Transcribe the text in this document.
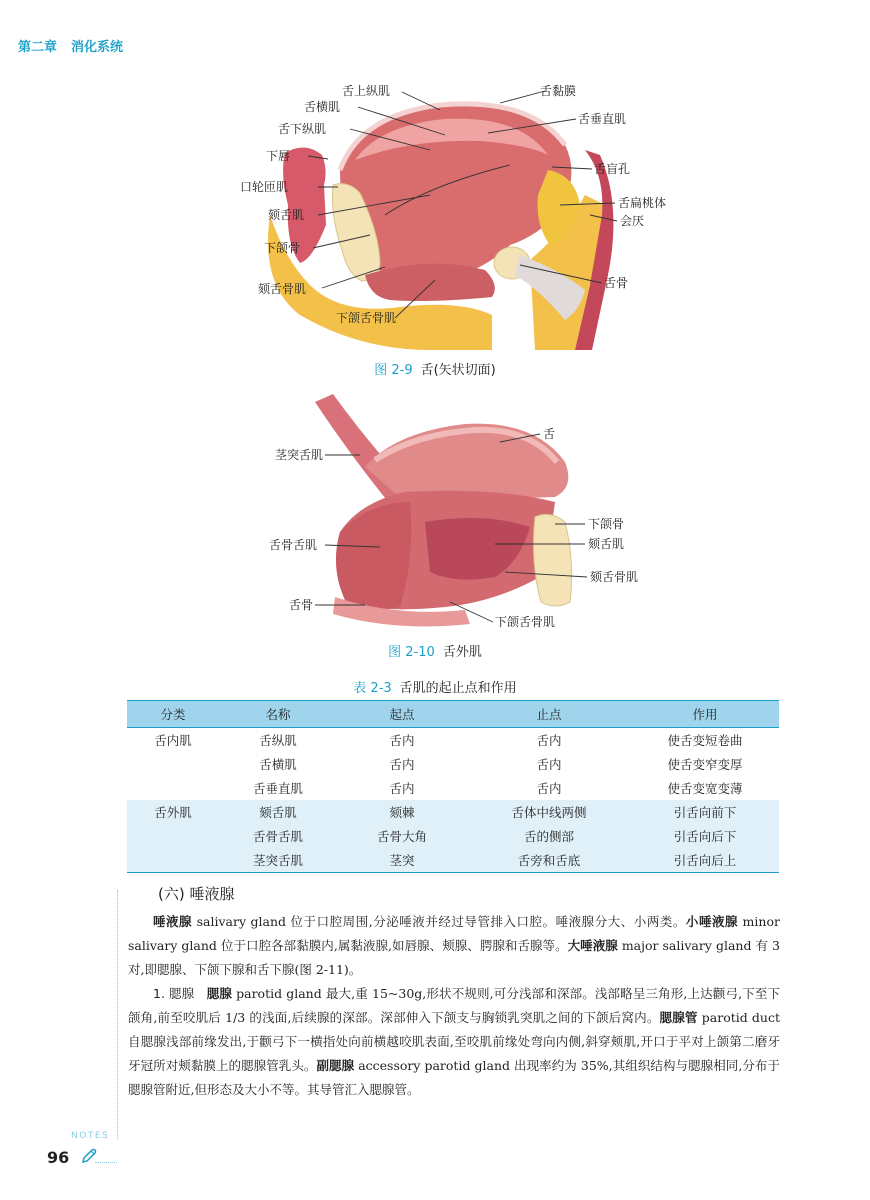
第二章 消化系统
舌上纵肌
舌横肌
舌下纵肌
下唇
口轮匝肌
颏舌肌
下颌骨
颏舌骨肌
下颌舌骨肌
舌黏膜
舌垂直肌
舌盲孔
舌扁桃体
会厌
舌骨
图 2-9 舌(矢状切面)
舌
茎突舌肌
舌骨舌肌
舌骨
下颌骨
颏舌肌
颏舌骨肌
下颌舌骨肌
图 2-10 舌外肌
表 2-3 舌肌的起止点和作用
分类	名称	起点	止点	作用
舌内肌	舌纵肌	舌内	舌内	使舌变短卷曲
	舌横肌	舌内	舌内	使舌变窄变厚
	舌垂直肌	舌内	舌内	使舌变宽变薄
舌外肌	颏舌肌	颏棘	舌体中线两侧	引舌向前下
	舌骨舌肌	舌骨大角	舌的侧部	引舌向后下
	茎突舌肌	茎突	舌旁和舌底	引舌向后上
(六) 唾液腺

唾液腺 salivary gland 位于口腔周围,分泌唾液并经过导管排入口腔。唾液腺分大、小两类。小唾液腺 minor salivary gland 位于口腔各部黏膜内,属黏液腺,如唇腺、颊腺、腭腺和舌腺等。大唾液腺 major salivary gland 有 3 对,即腮腺、下颌下腺和舌下腺(图 2-11)。

1. 腮腺 腮腺 parotid gland 最大,重 15~30g,形状不规则,可分浅部和深部。浅部略呈三角形,上达颧弓,下至下颌角,前至咬肌后 1/3 的浅面,后续腺的深部。深部伸入下颌支与胸锁乳突肌之间的下颌后窝内。腮腺管 parotid duct 自腮腺浅部前缘发出,于颧弓下一横指处向前横越咬肌表面,至咬肌前缘处弯向内侧,斜穿颊肌,开口于平对上颌第二磨牙牙冠所对颊黏膜上的腮腺管乳头。副腮腺 accessory parotid gland 出现率约为 35%,其组织结构与腮腺相同,分布于腮腺管附近,但形态及大小不等。其导管汇入腮腺管。

NOTES
96
